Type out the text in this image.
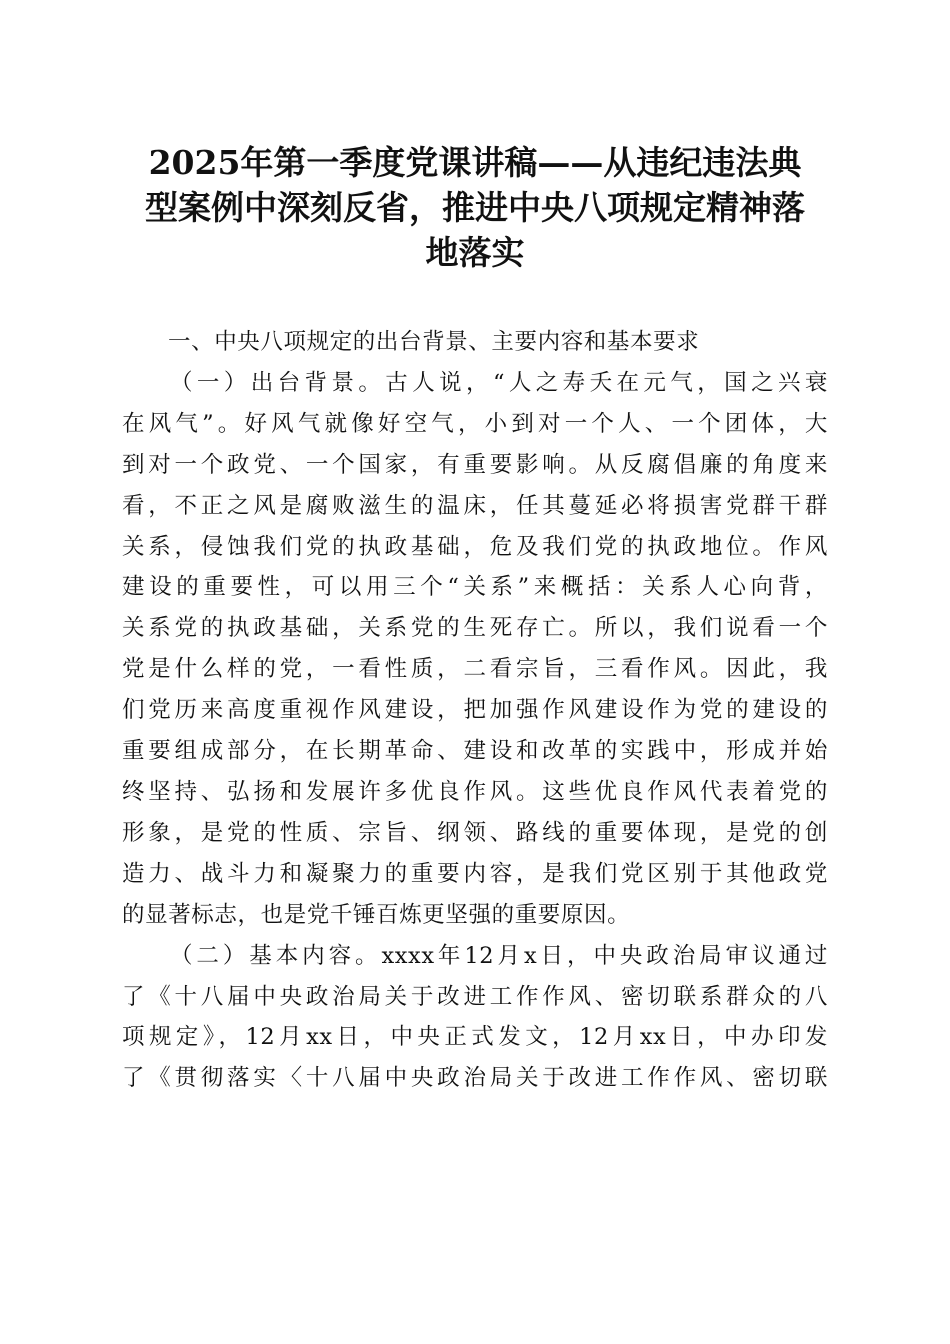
2025年第一季度党课讲稿——从违纪违法典
型案例中深刻反省，推进中央八项规定精神落
地落实
一、中央八项规定的出台背景、主要内容和基本要求
（一）出台背景。古人说，“人之寿夭在元气，国之兴衰
在风气”。好风气就像好空气，小到对一个人、一个团体，大
到对一个政党、一个国家，有重要影响。从反腐倡廉的角度来
看，不正之风是腐败滋生的温床，任其蔓延必将损害党群干群
关系，侵蚀我们党的执政基础，危及我们党的执政地位。作风
建设的重要性，可以用三个“关系”来概括：关系人心向背，
关系党的执政基础，关系党的生死存亡。所以，我们说看一个
党是什么样的党，一看性质，二看宗旨，三看作风。因此，我
们党历来高度重视作风建设，把加强作风建设作为党的建设的
重要组成部分，在长期革命、建设和改革的实践中，形成并始
终坚持、弘扬和发展许多优良作风。这些优良作风代表着党的
形象，是党的性质、宗旨、纲领、路线的重要体现，是党的创
造力、战斗力和凝聚力的重要内容，是我们党区别于其他政党
的显著标志，也是党千锤百炼更坚强的重要原因。
（二）基本内容。xxxx年12月x日，中央政治局审议通过
了《十八届中央政治局关于改进工作作风、密切联系群众的八
项规定》，12月xx日，中央正式发文，12月xx日，中办印发
了《贯彻落实〈十八届中央政治局关于改进工作作风、密切联
